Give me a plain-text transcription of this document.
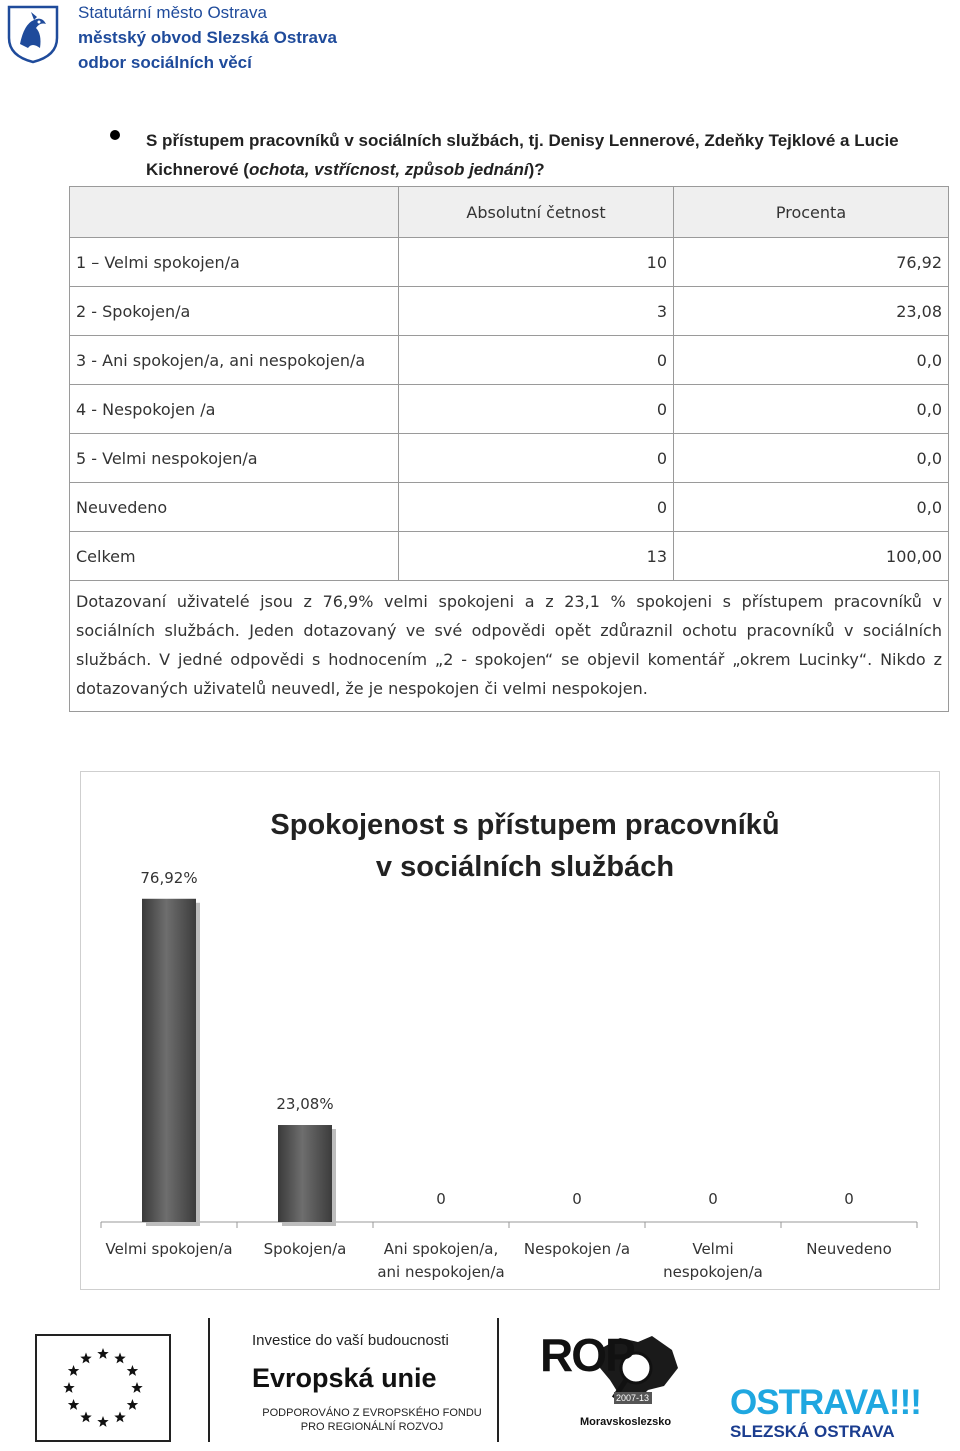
Statutární město Ostrava
městský obvod Slezská Ostrava
odbor sociálních věcí
S přístupem pracovníků v sociálních službách, tj. Denisy Lennerové, Zdeňky Tejklové a Lucie Kichnerové (ochota, vstřícnost, způsob jednání)?
	Absolutní četnost	Procenta
1 – Velmi spokojen/a	10	76,92
2 - Spokojen/a	3	23,08
3 - Ani spokojen/a, ani nespokojen/a	0	0,0
4 - Nespokojen /a	0	0,0
5 - Velmi nespokojen/a	0	0,0
Neuvedeno	0	0,0
Celkem	13	100,00
Dotazovaní uživatelé jsou z 76,9% velmi spokojeni a z 23,1 % spokojeni s přístupem pracovníků v sociálních službách. Jeden dotazovaný ve své odpovědi opět zdůraznil ochotu pracovníků v sociálních službách. V jedné odpovědi s hodnocením „2 - spokojen“ se objevil komentář „okrem Lucinky“. Nikdo z dotazovaných uživatelů neuvedl, že je nespokojen či velmi nespokojen.		
Spokojenost s přístupem pracovníků
v sociálních službách
76,92%
Velmi spokojen/a
23,08%
Spokojen/a
0
Ani spokojen/a,
ani nespokojen/a
0
Nespokojen /a
0
Velmi
nespokojen/a
0
Neuvedeno
Investice do vaší budoucnosti
Evropská unie
PODPOROVÁNO Z EVROPSKÉHO FONDU
PRO REGIONÁLNÍ ROZVOJ
2007-13
ROP
Moravskoslezsko OSTRAVA!!!
SLEZSKÁ OSTRAVA
